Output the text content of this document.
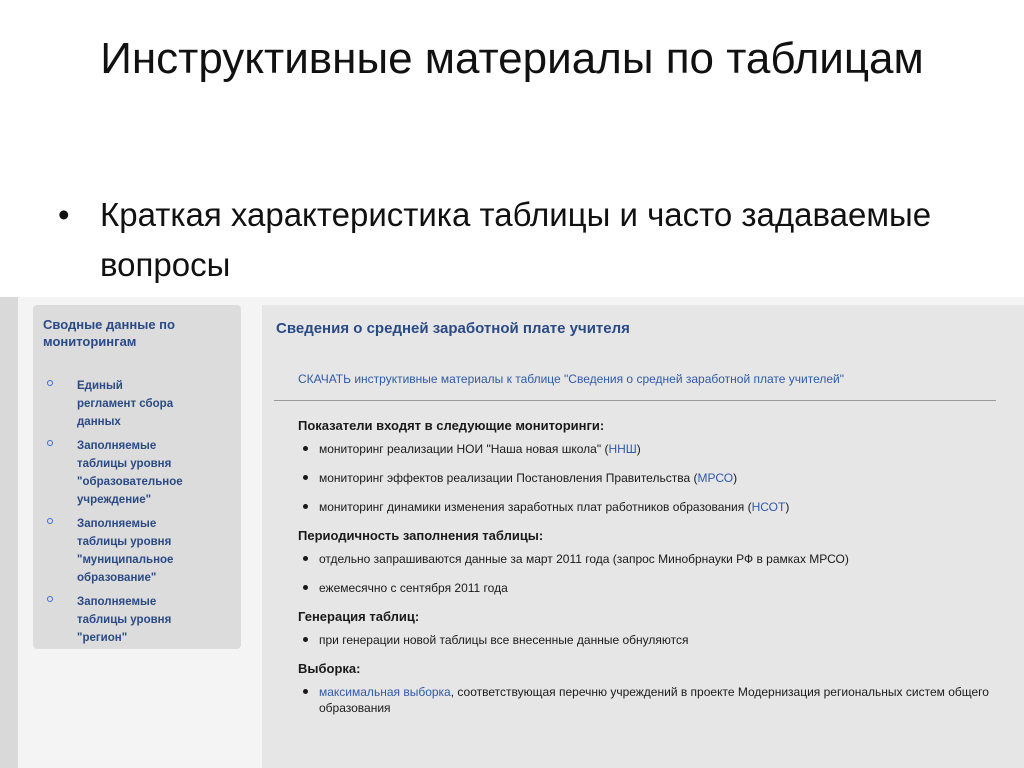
Инструктивные материалы по таблицам
• Краткая характеристика таблицы и часто задаваемые вопросы
Сводные данные по мониторингам
Единый
регламент сбора
данных
Заполняемые
таблицы уровня
"образовательное
учреждение"
Заполняемые
таблицы уровня
"муниципальное
образование"
Заполняемые
таблицы уровня
"регион"
Сведения о средней заработной плате учителя
СКАЧАТЬ инструктивные материалы к таблице "Сведения о средней заработной плате учителей"
Показатели входят в следующие мониторинги:
мониторинг реализации НОИ "Наша новая школа" (ННШ)
мониторинг эффектов реализации Постановления Правительства (МРСО)
мониторинг динамики изменения заработных плат работников образования (НСОТ)
Периодичность заполнения таблицы:
отдельно запрашиваются данные за март 2011 года (запрос Минобрнауки РФ в рамках МРСО)
ежемесячно с сентября 2011 года
Генерация таблиц:
при генерации новой таблицы все внесенные данные обнуляются
Выборка:
максимальная выборка, соответствующая перечню учреждений в проекте Модернизация региональных систем общего образования
